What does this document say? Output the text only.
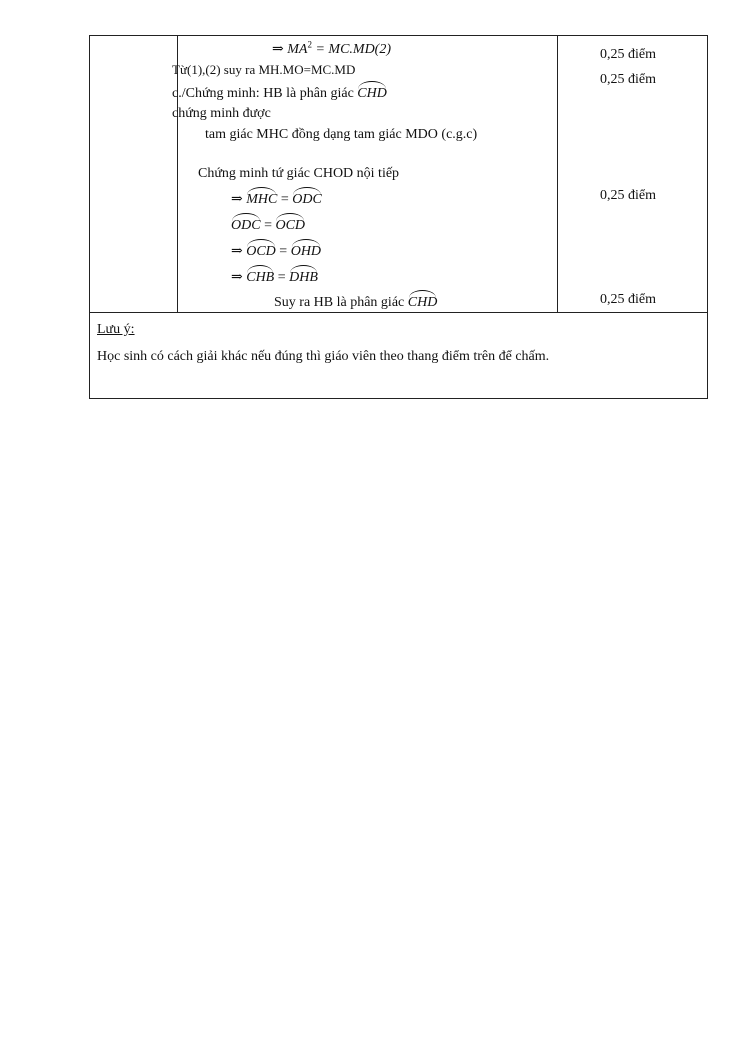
⇒ $MA^2 = MC.MD(2)$
Từ(1),(2) suy ra MH.MO=MC.MD
c./Chứng minh: HB là phân giác CHD
chứng minh được
tam giác MHC đồng dạng tam giác MDO (c.g.c)
Chứng minh tứ giác CHOD nội tiếp
⇒ MHC = ODC
ODC = OCD
⇒ OCD = OHD
⇒ CHB = DHB
Suy ra HB là phân giác CHD
0,25 điểm
0,25 điểm
0,25 điểm
0,25 điểm
Lưu ý:
Học sinh có cách giải khác nếu đúng thì giáo viên theo thang điểm trên để chấm.
